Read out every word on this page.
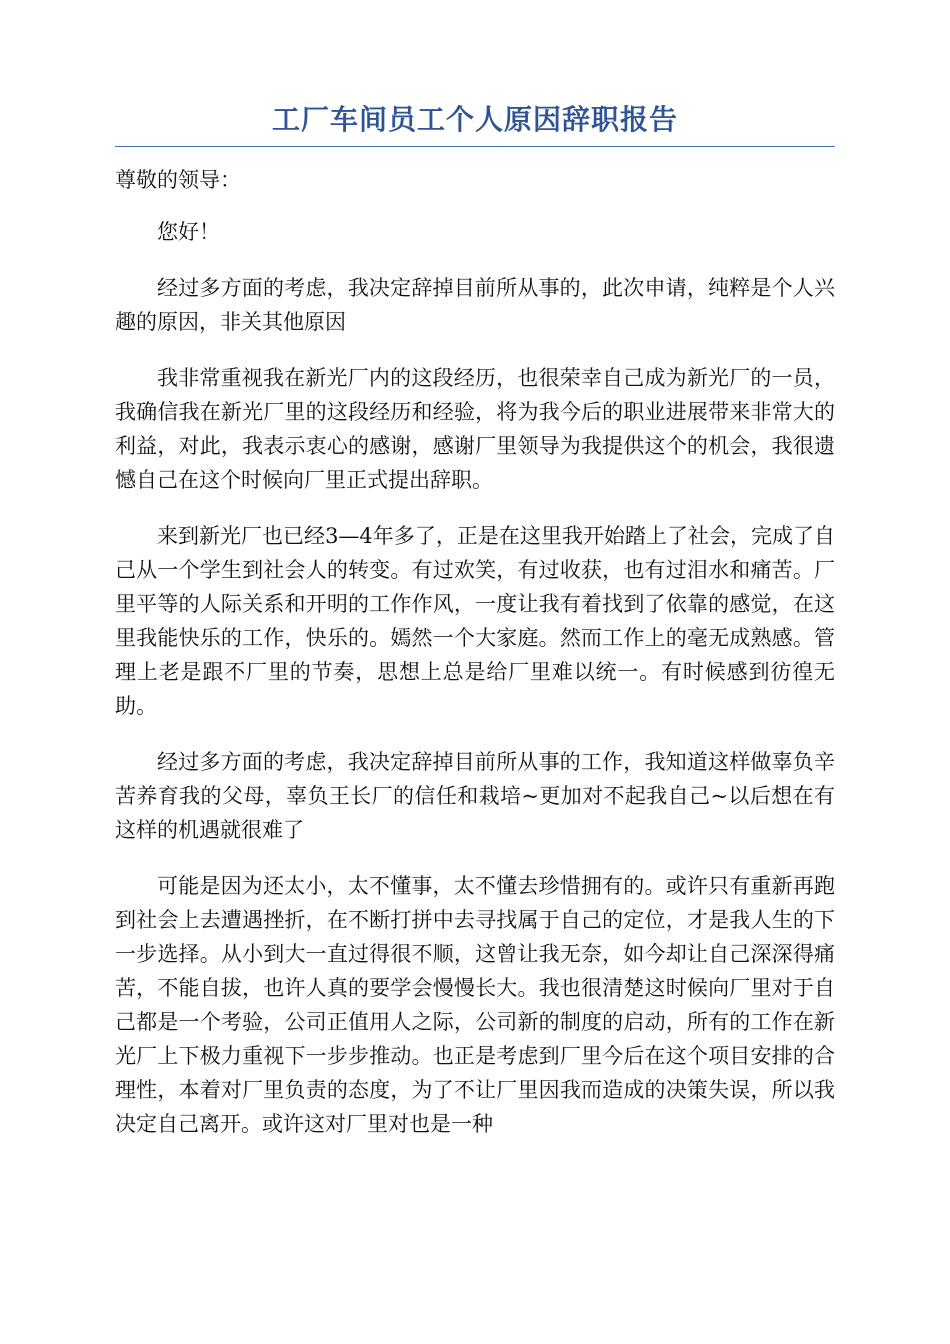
工厂车间员工个人原因辞职报告

尊敬的领导：

您好！

经过多方面的考虑，我决定辞掉目前所从事的，此次申请，纯粹是个人兴趣的原因，非关其他原因

我非常重视我在新光厂内的这段经历，也很荣幸自己成为新光厂的一员，我确信我在新光厂里的这段经历和经验，将为我今后的职业进展带来非常大的利益，对此，我表示衷心的感谢，感谢厂里领导为我提供这个的机会，我很遗憾自己在这个时候向厂里正式提出辞职。

来到新光厂也已经3—4年多了，正是在这里我开始踏上了社会，完成了自己从一个学生到社会人的转变。有过欢笑，有过收获，也有过泪水和痛苦。厂里平等的人际关系和开明的工作作风，一度让我有着找到了依靠的感觉，在这里我能快乐的工作，快乐的。嫣然一个大家庭。然而工作上的毫无成熟感。管理上老是跟不厂里的节奏，思想上总是给厂里难以统一。有时候感到彷徨无助。

经过多方面的考虑，我决定辞掉目前所从事的工作，我知道这样做辜负辛苦养育我的父母，辜负王长厂的信任和栽培~更加对不起我自己~以后想在有这样的机遇就很难了

可能是因为还太小，太不懂事，太不懂去珍惜拥有的。或许只有重新再跑到社会上去遭遇挫折，在不断打拼中去寻找属于自己的定位，才是我人生的下一步选择。从小到大一直过得很不顺，这曾让我无奈，如今却让自己深深得痛苦，不能自拔，也许人真的要学会慢慢长大。我也很清楚这时候向厂里对于自己都是一个考验，公司正值用人之际，公司新的制度的启动，所有的工作在新光厂上下极力重视下一步步推动。也正是考虑到厂里今后在这个项目安排的合理性，本着对厂里负责的态度，为了不让厂里因我而造成的决策失误，所以我决定自己离开。或许这对厂里对也是一种
